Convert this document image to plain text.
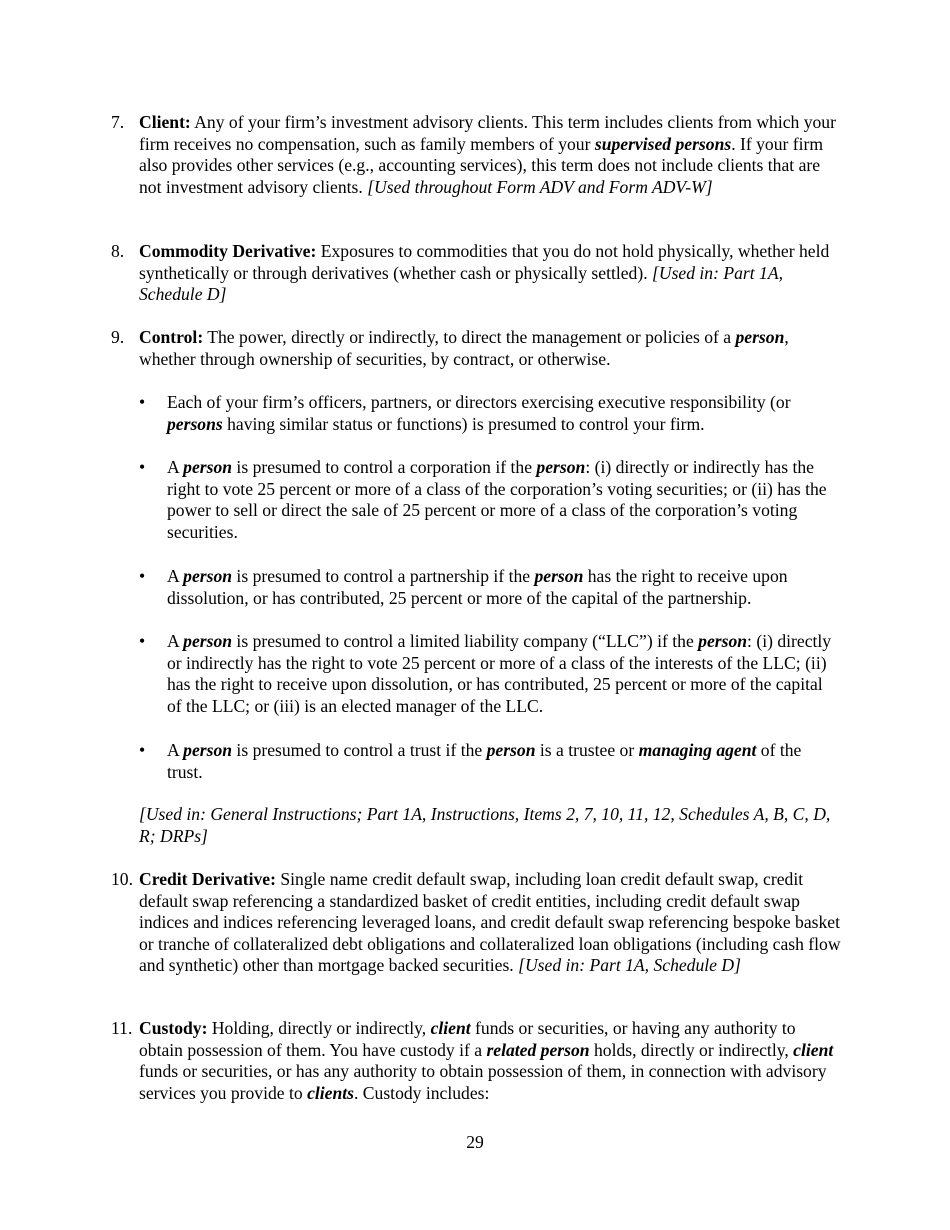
7. Client: Any of your firm’s investment advisory clients. This term includes clients from which your firm receives no compensation, such as family members of your supervised persons. If your firm also provides other services (e.g., accounting services), this term does not include clients that are not investment advisory clients. [Used throughout Form ADV and Form ADV-W]
8. Commodity Derivative: Exposures to commodities that you do not hold physically, whether held synthetically or through derivatives (whether cash or physically settled). [Used in: Part 1A, Schedule D]
9. Control: The power, directly or indirectly, to direct the management or policies of a person, whether through ownership of securities, by contract, or otherwise.
• Each of your firm’s officers, partners, or directors exercising executive responsibility (or persons having similar status or functions) is presumed to control your firm.
• A person is presumed to control a corporation if the person: (i) directly or indirectly has the right to vote 25 percent or more of a class of the corporation’s voting securities; or (ii) has the power to sell or direct the sale of 25 percent or more of a class of the corporation’s voting securities.
• A person is presumed to control a partnership if the person has the right to receive upon dissolution, or has contributed, 25 percent or more of the capital of the partnership.
• A person is presumed to control a limited liability company (“LLC”) if the person: (i) directly or indirectly has the right to vote 25 percent or more of a class of the interests of the LLC; (ii) has the right to receive upon dissolution, or has contributed, 25 percent or more of the capital of the LLC; or (iii) is an elected manager of the LLC.
• A person is presumed to control a trust if the person is a trustee or managing agent of the trust.
[Used in: General Instructions; Part 1A, Instructions, Items 2, 7, 10, 11, 12, Schedules A, B, C, D, R; DRPs]
10. Credit Derivative: Single name credit default swap, including loan credit default swap, credit default swap referencing a standardized basket of credit entities, including credit default swap indices and indices referencing leveraged loans, and credit default swap referencing bespoke basket or tranche of collateralized debt obligations and collateralized loan obligations (including cash flow and synthetic) other than mortgage backed securities. [Used in: Part 1A, Schedule D]
11. Custody: Holding, directly or indirectly, client funds or securities, or having any authority to obtain possession of them. You have custody if a related person holds, directly or indirectly, client funds or securities, or has any authority to obtain possession of them, in connection with advisory services you provide to clients. Custody includes:
29
